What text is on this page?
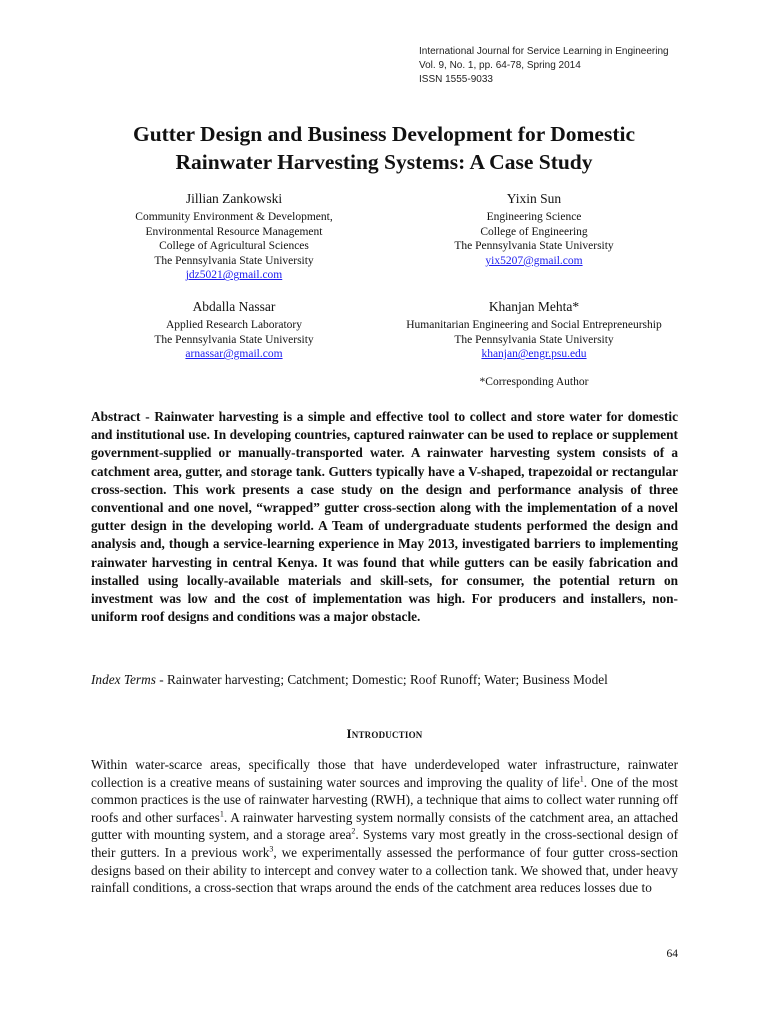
International Journal for Service Learning in Engineering
Vol. 9, No. 1, pp. 64-78, Spring 2014
ISSN 1555-9033
Gutter Design and Business Development for Domestic
Rainwater Harvesting Systems: A Case Study
Jillian Zankowski
Community Environment & Development,
Environmental Resource Management
College of Agricultural Sciences
The Pennsylvania State University
jdz5021@gmail.com
Yixin Sun
Engineering Science
College of Engineering
The Pennsylvania State University
yix5207@gmail.com
Abdalla Nassar
Applied Research Laboratory
The Pennsylvania State University
arnassar@gmail.com
Khanjan Mehta*
Humanitarian Engineering and Social Entrepreneurship
The Pennsylvania State University
khanjan@engr.psu.edu
*Corresponding Author

Abstract - Rainwater harvesting is a simple and effective tool to collect and store water for domestic and institutional use. In developing countries, captured rainwater can be used to replace or supplement government-supplied or manually-transported water. A rainwater harvesting system consists of a catchment area, gutter, and storage tank. Gutters typically have a V-shaped, trapezoidal or rectangular cross-section. This work presents a case study on the design and performance analysis of three conventional and one novel, “wrapped” gutter cross-section along with the implementation of a novel gutter design in the developing world. A Team of undergraduate students performed the design and analysis and, though a service-learning experience in May 2013, investigated barriers to implementing rainwater harvesting in central Kenya. It was found that while gutters can be easily fabrication and installed using locally-available materials and skill-sets, for consumer, the potential return on investment was low and the cost of implementation was high. For producers and installers, non-uniform roof designs and conditions was a major obstacle.

Index Terms - Rainwater harvesting; Catchment; Domestic; Roof Runoff; Water; Business Model

Introduction

Within water-scarce areas, specifically those that have underdeveloped water infrastructure, rainwater collection is a creative means of sustaining water sources and improving the quality of life$^1$. One of the most common practices is the use of rainwater harvesting (RWH), a technique that aims to collect water running off roofs and other surfaces$^1$. A rainwater harvesting system normally consists of the catchment area, an attached gutter with mounting system, and a storage area$^2$. Systems vary most greatly in the cross-sectional design of their gutters. In a previous work$^3$, we experimentally assessed the performance of four gutter cross-section designs based on their ability to intercept and convey water to a collection tank. We showed that, under heavy rainfall conditions, a cross-section that wraps around the ends of the catchment area reduces losses due to

64
